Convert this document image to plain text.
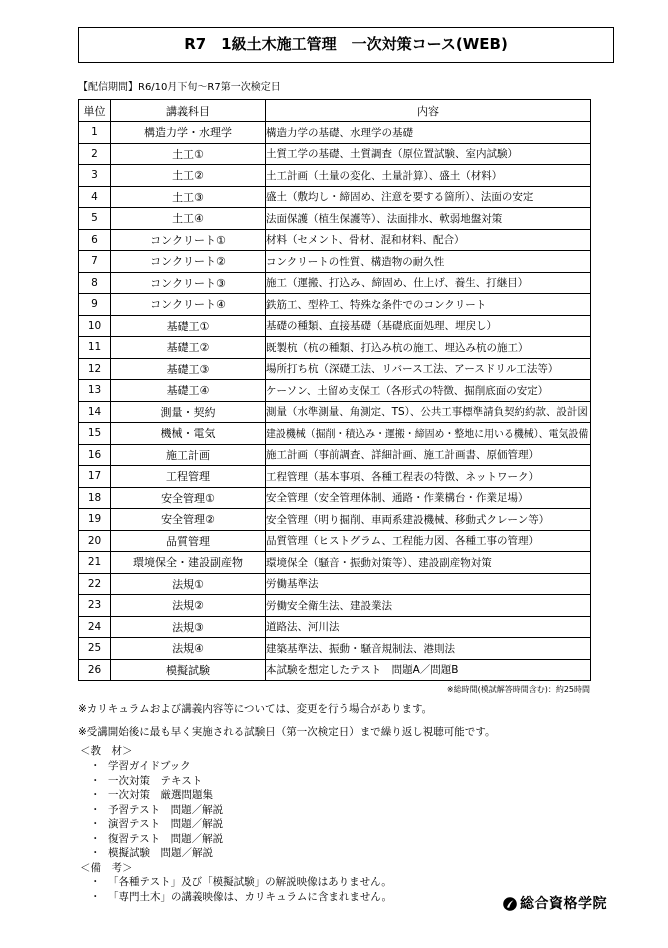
R7　1級土木施工管理　一次対策コース(WEB)
【配信期間】R6/10月下旬～R7第一次検定日
単位	講義科目	内容
1	構造力学・水理学	構造力学の基礎、水理学の基礎
2	土工①	土質工学の基礎、土質調査（原位置試験、室内試験）
3	土工②	土工計画（土量の変化、土量計算）、盛土（材料）
4	土工③	盛土（敷均し・締固め、注意を要する箇所）、法面の安定
5	土工④	法面保護（植生保護等）、法面排水、軟弱地盤対策
6	コンクリート①	材料（セメント、骨材、混和材料、配合）
7	コンクリート②	コンクリートの性質、構造物の耐久性
8	コンクリート③	施工（運搬、打込み、締固め、仕上げ、養生、打継目）
9	コンクリート④	鉄筋工、型枠工、特殊な条件でのコンクリート
10	基礎工①	基礎の種類、直接基礎（基礎底面処理、埋戻し）
11	基礎工②	既製杭（杭の種類、打込み杭の施工、埋込み杭の施工）
12	基礎工③	場所打ち杭（深礎工法、リバース工法、アースドリル工法等）
13	基礎工④	ケーソン、土留め支保工（各形式の特徴、掘削底面の安定）
14	測量・契約	測量（水準測量、角測定、TS）、公共工事標準請負契約約款、設計図
15	機械・電気	建設機械（掘削・積込み・運搬・締固め・整地に用いる機械）、電気設備
16	施工計画	施工計画（事前調査、詳細計画、施工計画書、原価管理）
17	工程管理	工程管理（基本事項、各種工程表の特徴、ネットワーク）
18	安全管理①	安全管理（安全管理体制、通路・作業構台・作業足場）
19	安全管理②	安全管理（明り掘削、車両系建設機械、移動式クレーン等）
20	品質管理	品質管理（ヒストグラム、工程能力図、各種工事の管理）
21	環境保全・建設副産物	環境保全（騒音・振動対策等）、建設副産物対策
22	法規①	労働基準法
23	法規②	労働安全衛生法、建設業法
24	法規③	道路法、河川法
25	法規④	建築基準法、振動・騒音規制法、港則法
26	模擬試験	本試験を想定したテスト　問題A／問題B
※総時間(模試解答時間含む)：約25時間
※カリキュラムおよび講義内容等については、変更を行う場合があります。
※受講開始後に最も早く実施される試験日（第一次検定日）まで繰り返し視聴可能です。
＜教　材＞
・ 学習ガイドブック
・ 一次対策　テキスト
・ 一次対策　厳選問題集
・ 予習テスト　問題／解説
・ 演習テスト　問題／解説
・ 復習テスト　問題／解説
・ 模擬試験　問題／解説
＜備　考＞
・ 「各種テスト」及び「模擬試験」の解説映像はありません。
・ 「専門土木」の講義映像は、カリキュラムに含まれません。	総合資格学院
